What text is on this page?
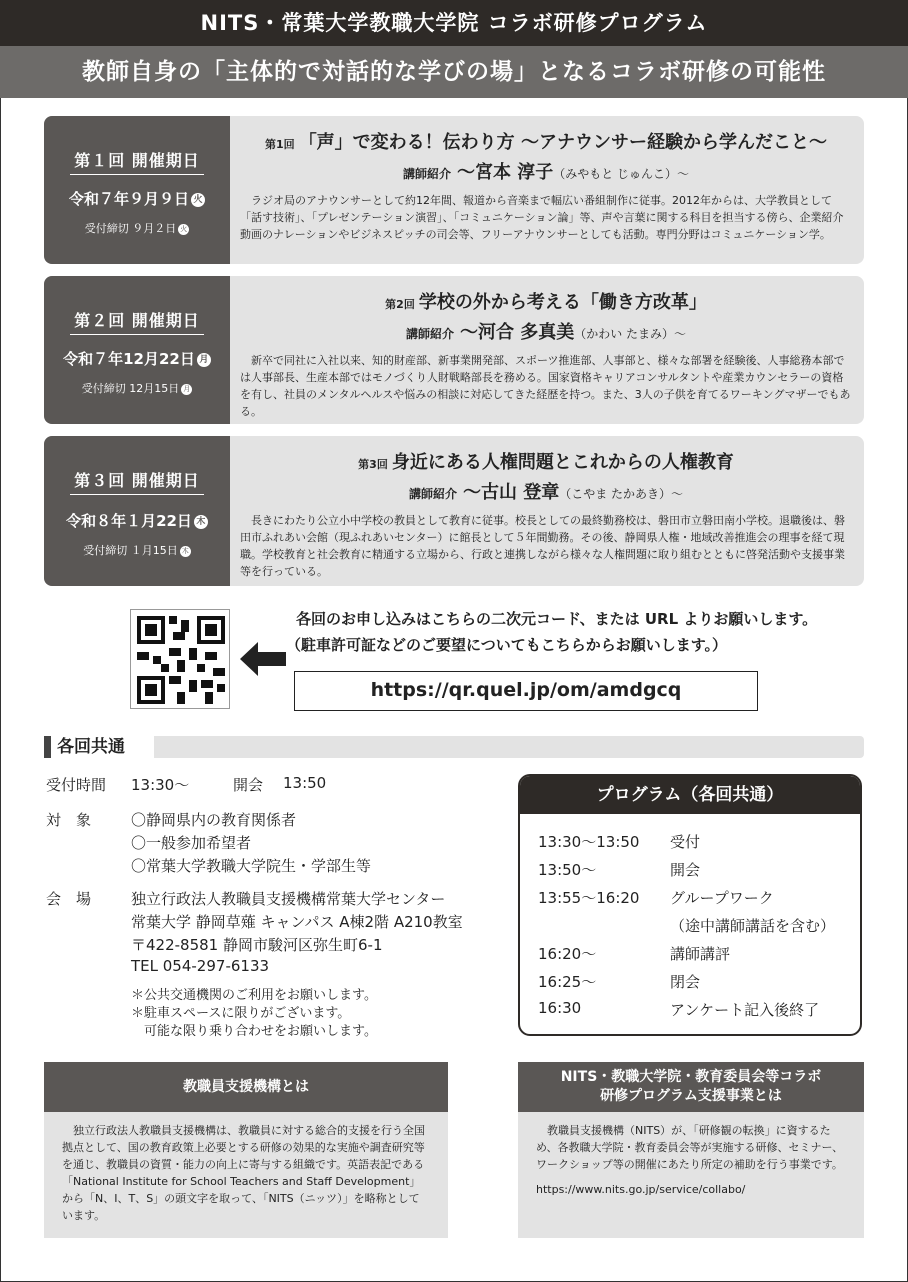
NITS・常葉大学教職大学院 コラボ研修プログラム
教師自身の「主体的で対話的な学びの場」となるコラボ研修の可能性
第１回 開催期日
令和７年９月９日 火
受付締切 ９月２日 火
第1回 「声」で変わる！伝わり方 ～アナウンサー経験から学んだこと～
講師紹介 ～宮本 淳子（みやもと じゅんこ）～
ラジオ局のアナウンサーとして約12年間、報道から音楽まで幅広い番組制作に従事。2012年からは、大学教員として「話す技術」、「プレゼンテーション演習」、「コミュニケーション論」等、声や言葉に関する科目を担当する傍ら、企業紹介動画のナレーションやビジネスピッチの司会等、フリーアナウンサーとしても活動。専門分野はコミュニケーション学。
第２回 開催期日
令和７年12月22日 月
受付締切 12月15日 月
第2回 学校の外から考える「働き方改革」
講師紹介 ～河合 多真美（かわい たまみ）～
新卒で同社に入社以来、知的財産部、新事業開発部、スポーツ推進部、人事部と、様々な部署を経験後、人事総務本部では人事部長、生産本部ではモノづくり人財戦略部長を務める。国家資格キャリアコンサルタントや産業カウンセラーの資格を有し、社員のメンタルヘルスや悩みの相談に対応してきた経歴を持つ。また、3人の子供を育てるワーキングマザーでもある。
第３回 開催期日
令和８年１月22日 木
受付締切 １月15日 木
第3回 身近にある人権問題とこれからの人権教育
講師紹介 ～古山 登章（こやま たかあき）～
長きにわたり公立小中学校の教員として教育に従事。校長としての最終勤務校は、磐田市立磐田南小学校。退職後は、磐田市ふれあい会館（現ふれあいセンター）に館長として５年間勤務。その後、静岡県人権・地域改善推進会の理事を経て現職。学校教育と社会教育に精通する立場から、行政と連携しながら様々な人権問題に取り組むとともに啓発活動や支援事業等を行っている。
各回のお申し込みはこちらの二次元コード、または URL よりお願いします。
（駐車許可証などのご要望についてもこちらからお願いします。）
https://qr.quel.jp/om/amdgcq
各回共通
受付時間 13:30～	開会 13:50
対　象	〇静岡県内の教育関係者
〇一般参加希望者
〇常葉大学教職大学院生・学部生等
会　場	独立行政法人教職員支援機構常葉大学センター
常葉大学 静岡草薙 キャンパス A棟2階 A210教室
〒422-8581 静岡市駿河区弥生町6-1
TEL 054-297-6133
＊公共交通機関のご利用をお願いします。
＊駐車スペースに限りがございます。
　可能な限り乗り合わせをお願いします。
プログラム（各回共通）
13:30～13:50 受付
13:50～	開会
13:55～16:20 グループワーク
（途中講師講話を含む）
16:20～	講師講評
16:25～	閉会
16:30	アンケート記入後終了
教職員支援機構とは
独立行政法人教職員支援機構は、教職員に対する総合的支援を行う全国拠点として、国の教育政策上必要とする研修の効果的な実施や調査研究等を通じ、教職員の資質・能力の向上に寄与する組織です。英語表記である「National Institute for School Teachers and Staff Development」から「N、I、T、S」の頭文字を取って、「NITS（ニッツ）」を略称としています。
NITS・教職大学院・教育委員会等コラボ
研修プログラム支援事業とは
教職員支援機構（NITS）が、「研修観の転換」に資するため、各教職大学院・教育委員会等が実施する研修、セミナー、ワークショップ等の開催にあたり所定の補助を行う事業です。
https://www.nits.go.jp/service/collabo/
